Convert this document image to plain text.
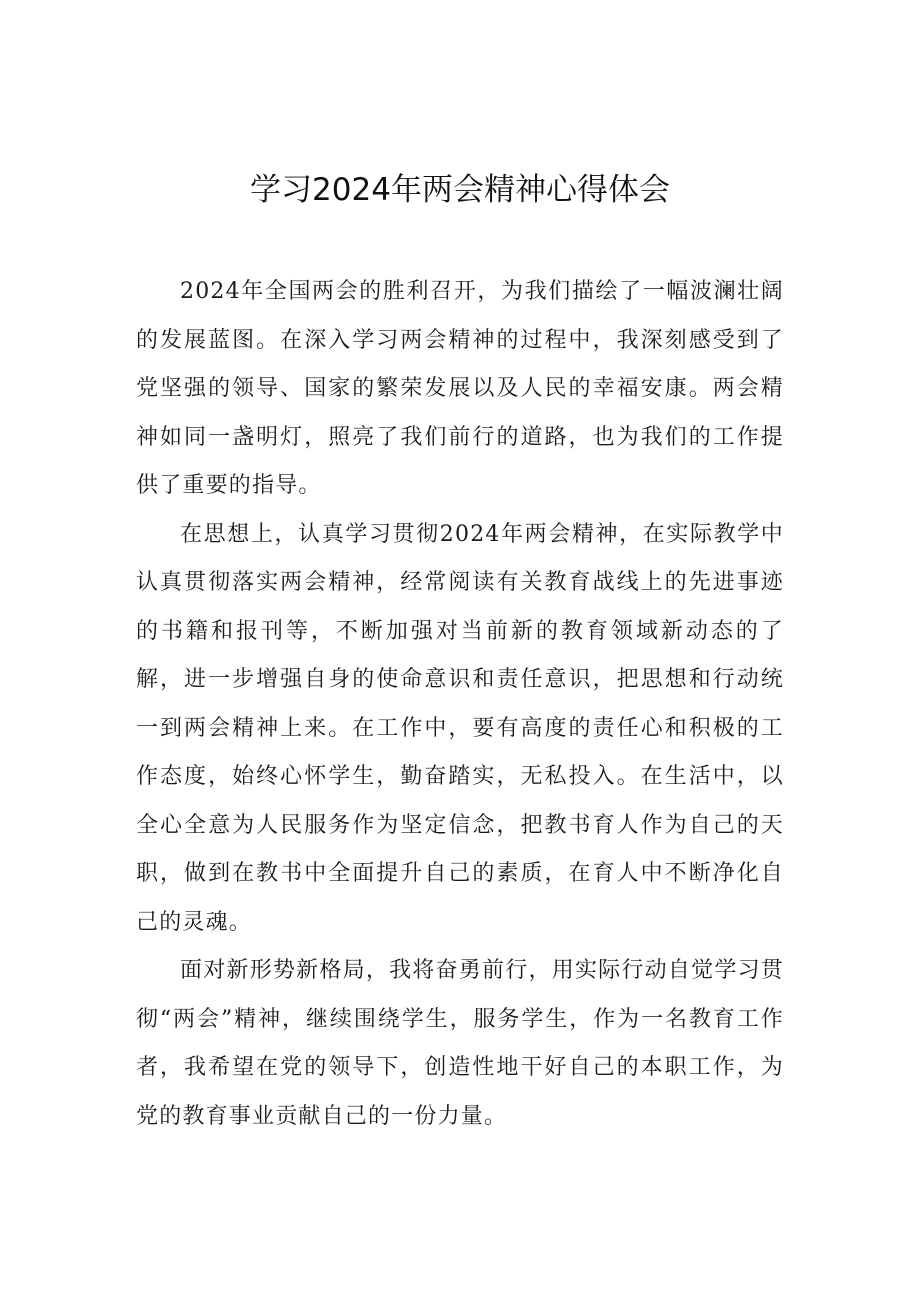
学习2024年两会精神心得体会

2024年全国两会的胜利召开，为我们描绘了一幅波澜壮阔的发展蓝图。在深入学习两会精神的过程中，我深刻感受到了党坚强的领导、国家的繁荣发展以及人民的幸福安康。两会精神如同一盏明灯，照亮了我们前行的道路，也为我们的工作提供了重要的指导。

在思想上，认真学习贯彻2024年两会精神，在实际教学中认真贯彻落实两会精神，经常阅读有关教育战线上的先进事迹的书籍和报刊等，不断加强对当前新的教育领域新动态的了解，进一步增强自身的使命意识和责任意识，把思想和行动统一到两会精神上来。在工作中，要有高度的责任心和积极的工作态度，始终心怀学生，勤奋踏实，无私投入。在生活中，以全心全意为人民服务作为坚定信念，把教书育人作为自己的天职，做到在教书中全面提升自己的素质，在育人中不断净化自己的灵魂。

面对新形势新格局，我将奋勇前行，用实际行动自觉学习贯彻“两会”精神，继续围绕学生，服务学生，作为一名教育工作者，我希望在党的领导下，创造性地干好自己的本职工作，为党的教育事业贡献自己的一份力量。
